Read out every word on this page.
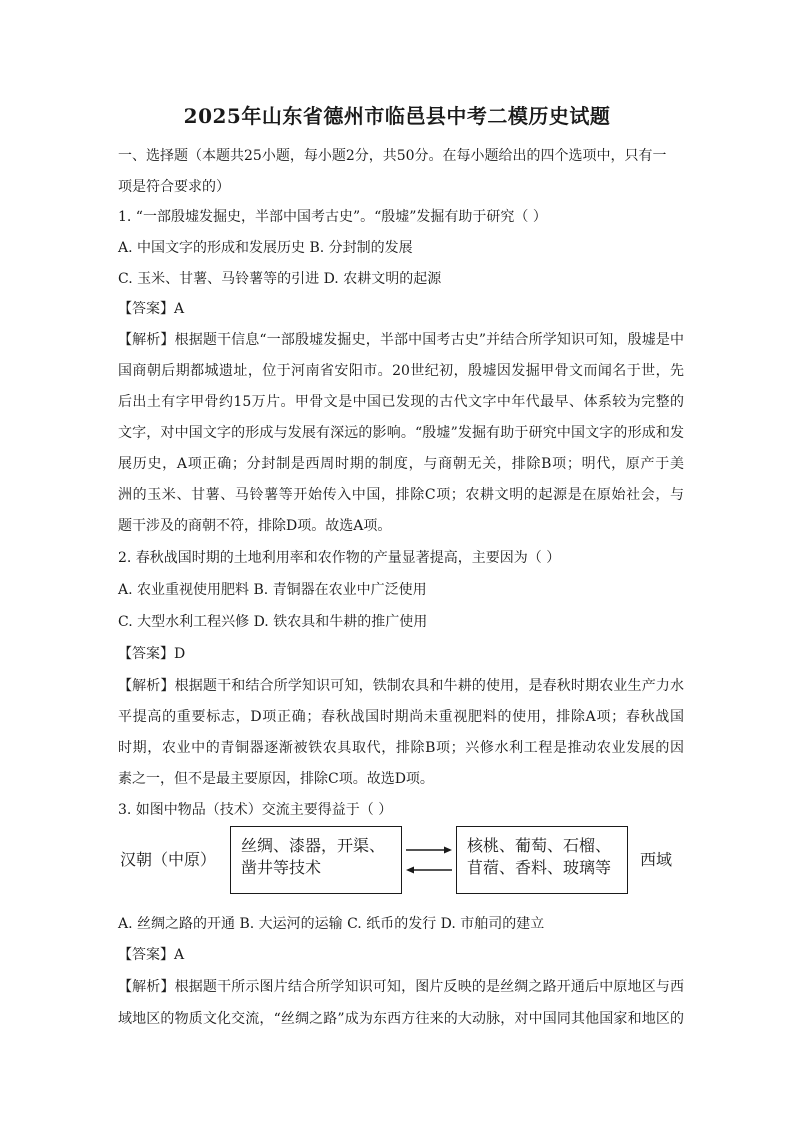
2025年山东省德州市临邑县中考二模历史试题
一、选择题（本题共25小题，每小题2分，共50分。在每小题给出的四个选项中，只有一
项是符合要求的）
1. “一部殷墟发掘史，半部中国考古史”。“殷墟”发掘有助于研究（ ）
A. 中国文字的形成和发展历史 B. 分封制的发展
C. 玉米、甘薯、马铃薯等的引进 D. 农耕文明的起源
【答案】A
【解析】根据题干信息“一部殷墟发掘史，半部中国考古史”并结合所学知识可知，殷墟是中
国商朝后期都城遗址，位于河南省安阳市。20世纪初，殷墟因发掘甲骨文而闻名于世，先
后出土有字甲骨约15万片。甲骨文是中国已发现的古代文字中年代最早、体系较为完整的
文字，对中国文字的形成与发展有深远的影响。“殷墟”发掘有助于研究中国文字的形成和发
展历史，A项正确；分封制是西周时期的制度，与商朝无关，排除B项；明代，原产于美
洲的玉米、甘薯、马铃薯等开始传入中国，排除C项；农耕文明的起源是在原始社会，与
题干涉及的商朝不符，排除D项。故选A项。
2. 春秋战国时期的土地利用率和农作物的产量显著提高，主要因为（ ）
A. 农业重视使用肥料 B. 青铜器在农业中广泛使用
C. 大型水利工程兴修 D. 铁农具和牛耕的推广使用
【答案】D
【解析】根据题干和结合所学知识可知，铁制农具和牛耕的使用，是春秋时期农业生产力水
平提高的重要标志，D项正确；春秋战国时期尚未重视肥料的使用，排除A项；春秋战国
时期，农业中的青铜器逐渐被铁农具取代，排除B项；兴修水利工程是推动农业发展的因
素之一，但不是最主要原因，排除C项。故选D项。
3. 如图中物品（技术）交流主要得益于（ ）
汉朝（中原）
丝绸、漆器，开渠、
凿井等技术
核桃、葡萄、石榴、
苜蓿、香料、玻璃等	西域
A. 丝绸之路的开通 B. 大运河的运输 C. 纸币的发行 D. 市舶司的建立
【答案】A
【解析】根据题干所示图片结合所学知识可知，图片反映的是丝绸之路开通后中原地区与西
域地区的物质文化交流，“丝绸之路”成为东西方往来的大动脉，对中国同其他国家和地区的
